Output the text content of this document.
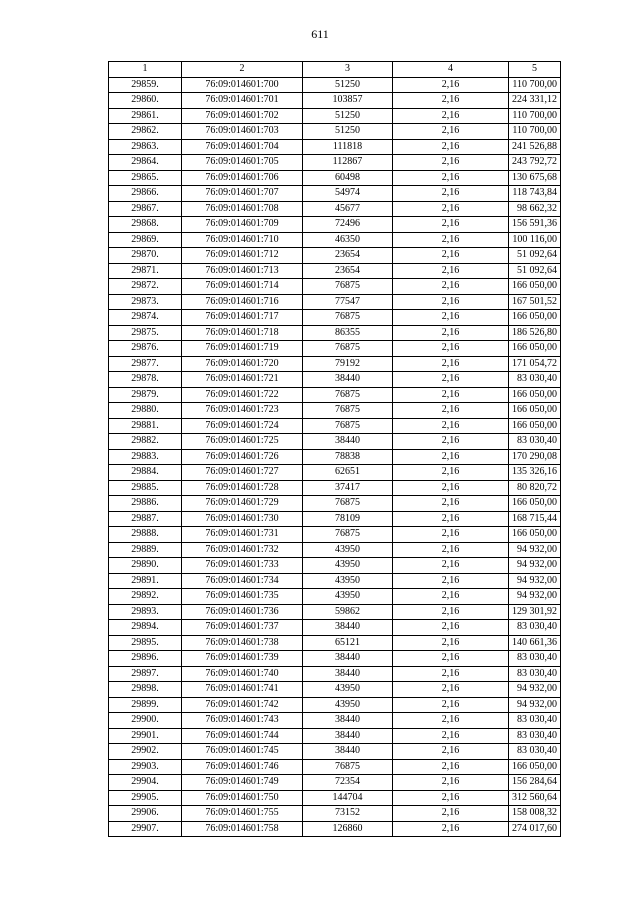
611
1	2	3	4	5
29859.	76:09:014601:700	51250	2,16	110 700,00
29860.	76:09:014601:701	103857	2,16	224 331,12
29861.	76:09:014601:702	51250	2,16	110 700,00
29862.	76:09:014601:703	51250	2,16	110 700,00
29863.	76:09:014601:704	111818	2,16	241 526,88
29864.	76:09:014601:705	112867	2,16	243 792,72
29865.	76:09:014601:706	60498	2,16	130 675,68
29866.	76:09:014601:707	54974	2,16	118 743,84
29867.	76:09:014601:708	45677	2,16	98 662,32
29868.	76:09:014601:709	72496	2,16	156 591,36
29869.	76:09:014601:710	46350	2,16	100 116,00
29870.	76:09:014601:712	23654	2,16	51 092,64
29871.	76:09:014601:713	23654	2,16	51 092,64
29872.	76:09:014601:714	76875	2,16	166 050,00
29873.	76:09:014601:716	77547	2,16	167 501,52
29874.	76:09:014601:717	76875	2,16	166 050,00
29875.	76:09:014601:718	86355	2,16	186 526,80
29876.	76:09:014601:719	76875	2,16	166 050,00
29877.	76:09:014601:720	79192	2,16	171 054,72
29878.	76:09:014601:721	38440	2,16	83 030,40
29879.	76:09:014601:722	76875	2,16	166 050,00
29880.	76:09:014601:723	76875	2,16	166 050,00
29881.	76:09:014601:724	76875	2,16	166 050,00
29882.	76:09:014601:725	38440	2,16	83 030,40
29883.	76:09:014601:726	78838	2,16	170 290,08
29884.	76:09:014601:727	62651	2,16	135 326,16
29885.	76:09:014601:728	37417	2,16	80 820,72
29886.	76:09:014601:729	76875	2,16	166 050,00
29887.	76:09:014601:730	78109	2,16	168 715,44
29888.	76:09:014601:731	76875	2,16	166 050,00
29889.	76:09:014601:732	43950	2,16	94 932,00
29890.	76:09:014601:733	43950	2,16	94 932,00
29891.	76:09:014601:734	43950	2,16	94 932,00
29892.	76:09:014601:735	43950	2,16	94 932,00
29893.	76:09:014601:736	59862	2,16	129 301,92
29894.	76:09:014601:737	38440	2,16	83 030,40
29895.	76:09:014601:738	65121	2,16	140 661,36
29896.	76:09:014601:739	38440	2,16	83 030,40
29897.	76:09:014601:740	38440	2,16	83 030,40
29898.	76:09:014601:741	43950	2,16	94 932,00
29899.	76:09:014601:742	43950	2,16	94 932,00
29900.	76:09:014601:743	38440	2,16	83 030,40
29901.	76:09:014601:744	38440	2,16	83 030,40
29902.	76:09:014601:745	38440	2,16	83 030,40
29903.	76:09:014601:746	76875	2,16	166 050,00
29904.	76:09:014601:749	72354	2,16	156 284,64
29905.	76:09:014601:750	144704	2,16	312 560,64
29906.	76:09:014601:755	73152	2,16	158 008,32
29907.	76:09:014601:758	126860	2,16	274 017,60
